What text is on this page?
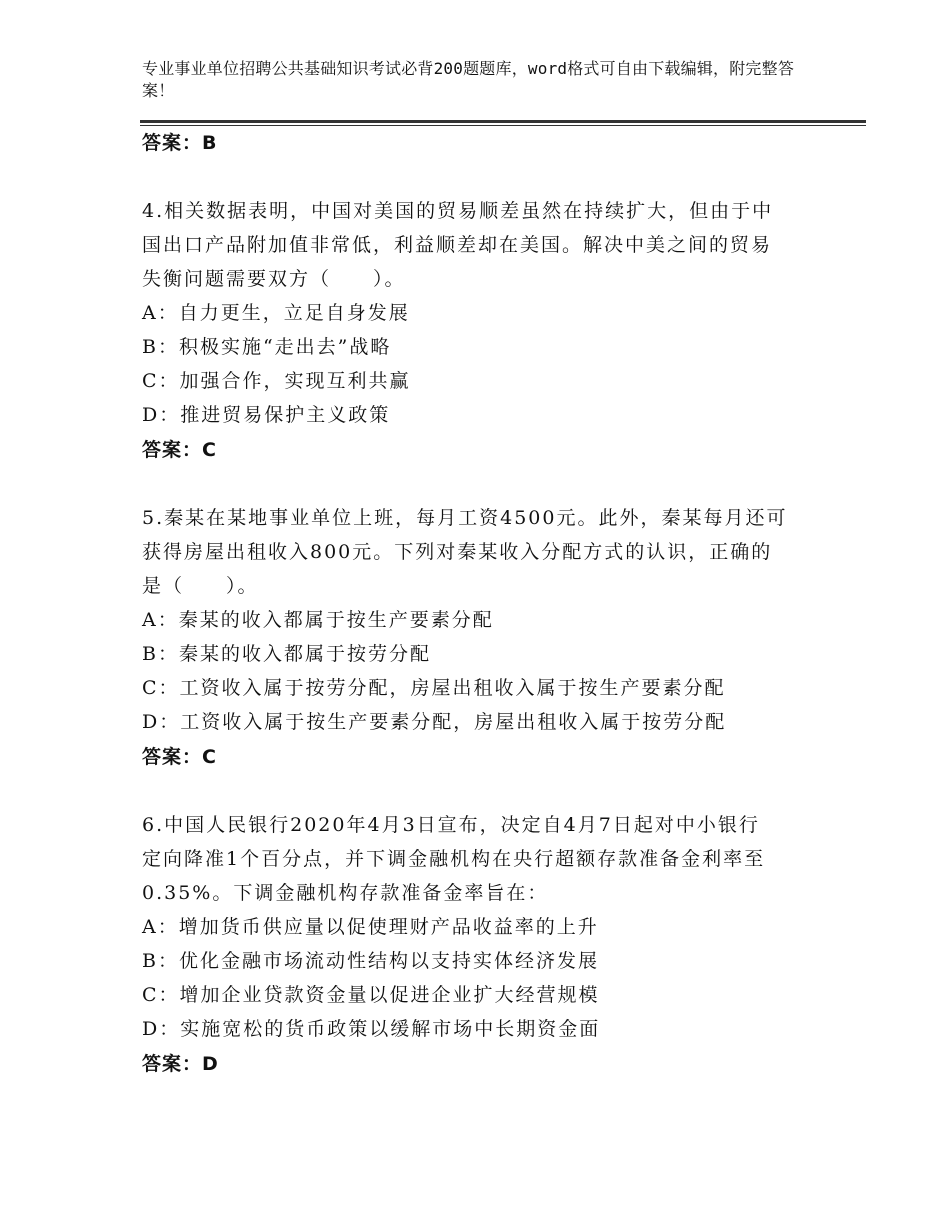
专业事业单位招聘公共基础知识考试必背200题题库，word格式可自由下载编辑，附完整答案！
答案：B
4.相关数据表明，中国对美国的贸易顺差虽然在持续扩大，但由于中
国出口产品附加值非常低，利益顺差却在美国。解决中美之间的贸易
失衡问题需要双方（　　）。
A：自力更生，立足自身发展
B：积极实施“走出去”战略
C：加强合作，实现互利共赢
D：推进贸易保护主义政策
答案：C
5.秦某在某地事业单位上班，每月工资4500元。此外，秦某每月还可
获得房屋出租收入800元。下列对秦某收入分配方式的认识，正确的
是（　　）。
A：秦某的收入都属于按生产要素分配
B：秦某的收入都属于按劳分配
C：工资收入属于按劳分配，房屋出租收入属于按生产要素分配
D：工资收入属于按生产要素分配，房屋出租收入属于按劳分配
答案：C
6.中国人民银行2020年4月3日宣布，决定自4月7日起对中小银行
定向降准1个百分点，并下调金融机构在央行超额存款准备金利率至
0.35%。下调金融机构存款准备金率旨在：
A：增加货币供应量以促使理财产品收益率的上升
B：优化金融市场流动性结构以支持实体经济发展
C：增加企业贷款资金量以促进企业扩大经营规模
D：实施宽松的货币政策以缓解市场中长期资金面
答案：D
